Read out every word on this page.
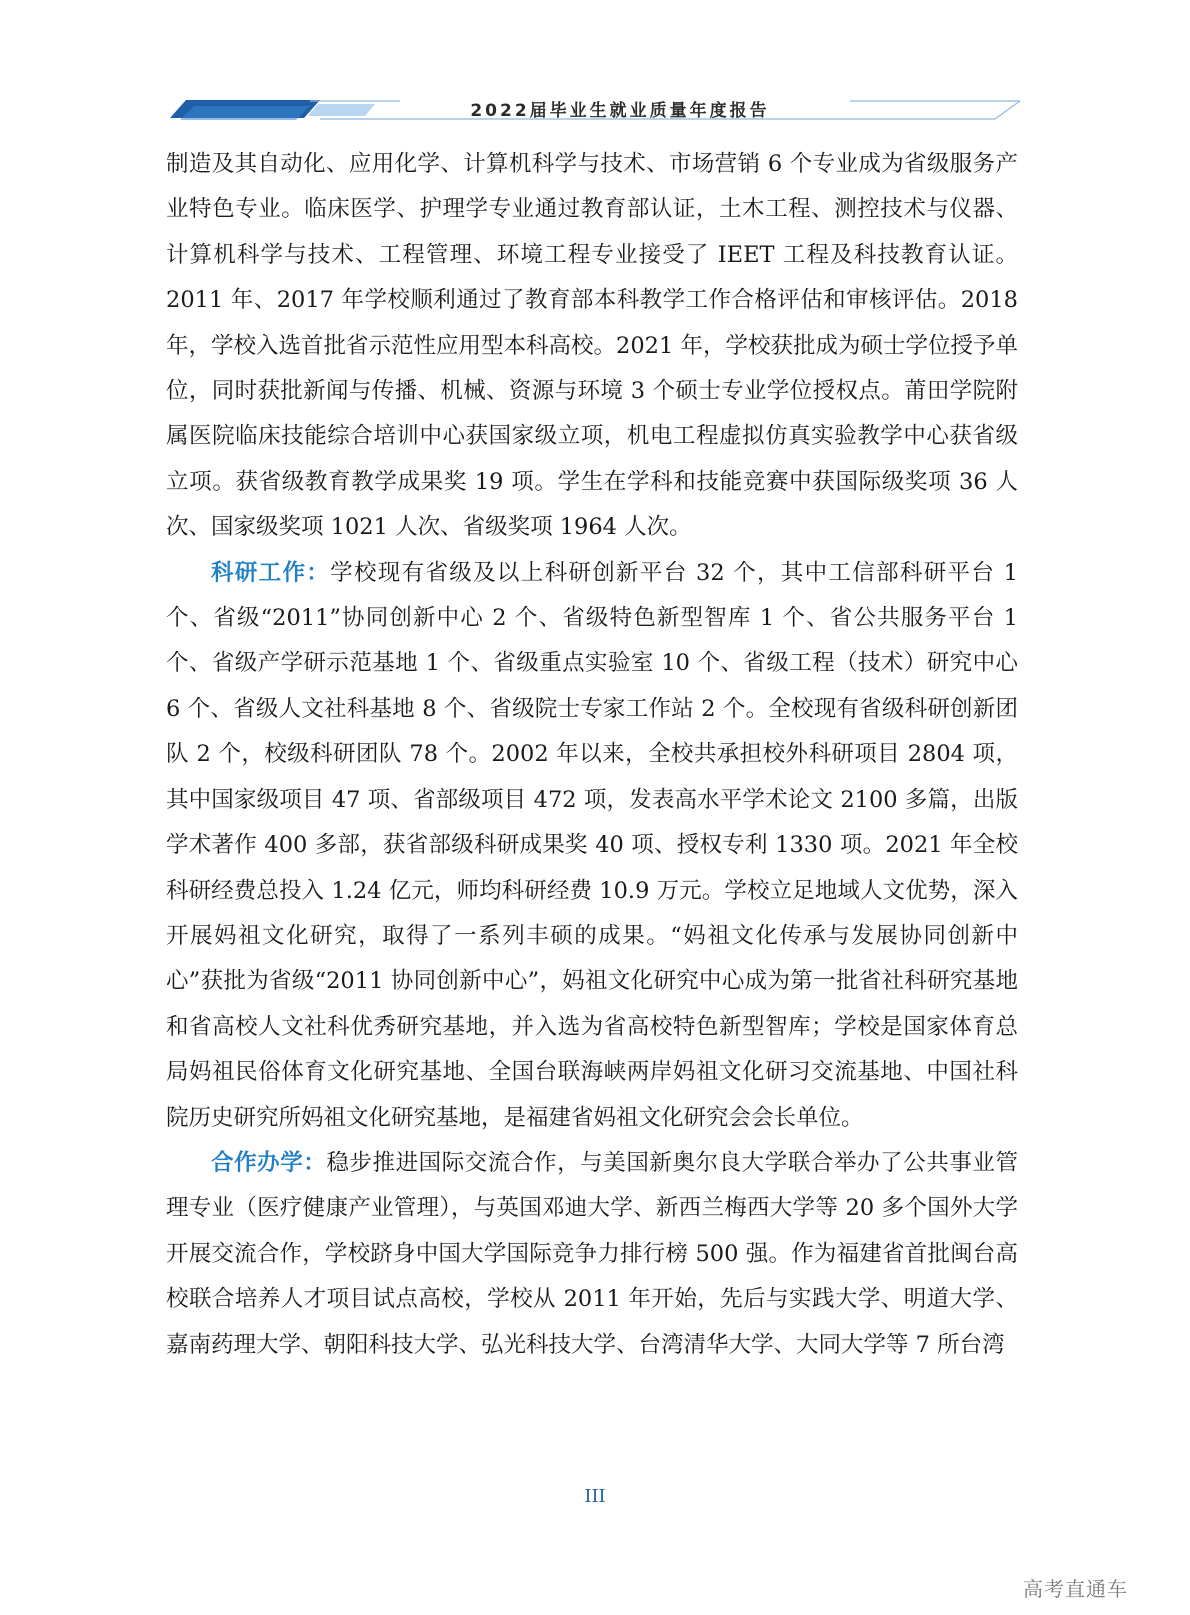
2022届毕业生就业质量年度报告

制造及其自动化、应用化学、计算机科学与技术、市场营销 6 个专业成为省级服务产业特色专业。临床医学、护理学专业通过教育部认证，土木工程、测控技术与仪器、计算机科学与技术、工程管理、环境工程专业接受了 IEET 工程及科技教育认证。2011 年、2017 年学校顺利通过了教育部本科教学工作合格评估和审核评估。2018 年，学校入选首批省示范性应用型本科高校。2021 年，学校获批成为硕士学位授予单位，同时获批新闻与传播、机械、资源与环境 3 个硕士专业学位授权点。莆田学院附属医院临床技能综合培训中心获国家级立项，机电工程虚拟仿真实验教学中心获省级立项。获省级教育教学成果奖 19 项。学生在学科和技能竞赛中获国际级奖项 36 人次、国家级奖项 1021 人次、省级奖项 1964 人次。

科研工作：学校现有省级及以上科研创新平台 32 个，其中工信部科研平台 1 个、省级“2011”协同创新中心 2 个、省级特色新型智库 1 个、省公共服务平台 1 个、省级产学研示范基地 1 个、省级重点实验室 10 个、省级工程（技术）研究中心 6 个、省级人文社科基地 8 个、省级院士专家工作站 2 个。全校现有省级科研创新团队 2 个，校级科研团队 78 个。2002 年以来，全校共承担校外科研项目 2804 项，其中国家级项目 47 项、省部级项目 472 项，发表高水平学术论文 2100 多篇，出版学术著作 400 多部，获省部级科研成果奖 40 项、授权专利 1330 项。2021 年全校科研经费总投入 1.24 亿元，师均科研经费 10.9 万元。学校立足地域人文优势，深入开展妈祖文化研究，取得了一系列丰硕的成果。“妈祖文化传承与发展协同创新中心”获批为省级“2011 协同创新中心”，妈祖文化研究中心成为第一批省社科研究基地和省高校人文社科优秀研究基地，并入选为省高校特色新型智库；学校是国家体育总局妈祖民俗体育文化研究基地、全国台联海峡两岸妈祖文化研习交流基地、中国社科院历史研究所妈祖文化研究基地，是福建省妈祖文化研究会会长单位。

合作办学：稳步推进国际交流合作，与美国新奥尔良大学联合举办了公共事业管理专业（医疗健康产业管理），与英国邓迪大学、新西兰梅西大学等 20 多个国外大学开展交流合作，学校跻身中国大学国际竞争力排行榜 500 强。作为福建省首批闽台高校联合培养人才项目试点高校，学校从 2011 年开始，先后与实践大学、明道大学、嘉南药理大学、朝阳科技大学、弘光科技大学、台湾清华大学、大同大学等 7 所台湾

III
高考直通车
